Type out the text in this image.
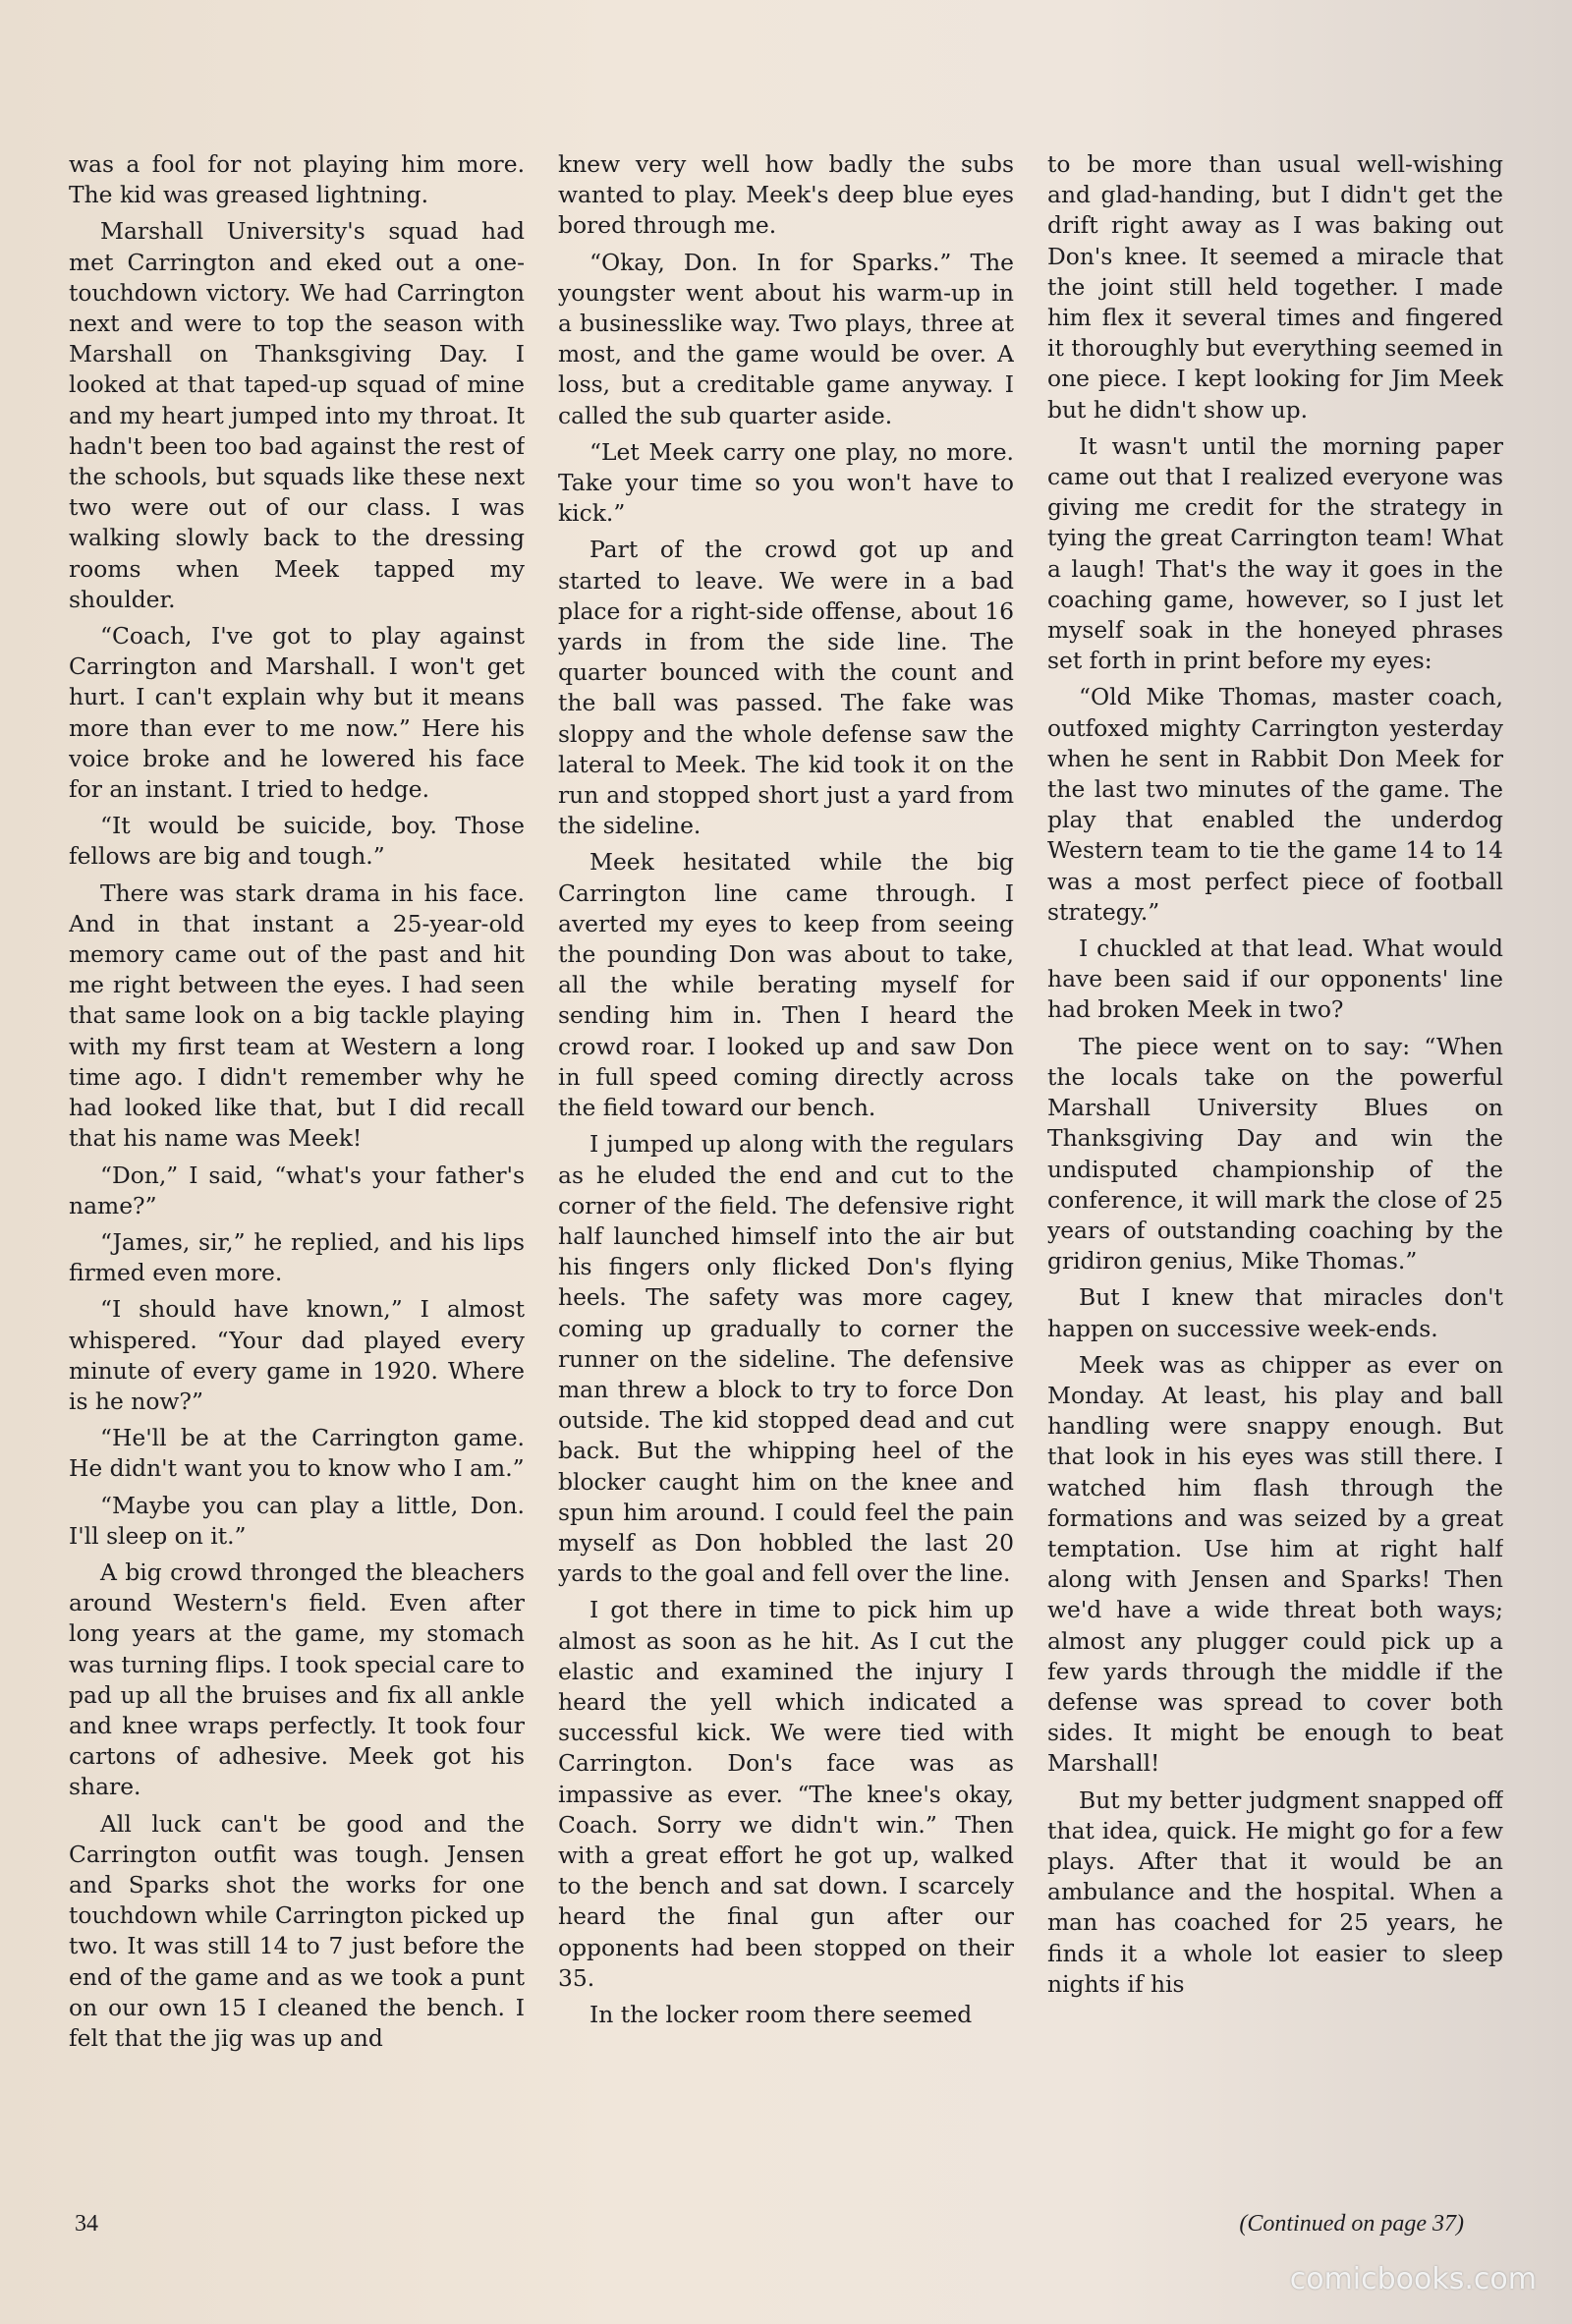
was a fool for not playing him more. The kid was greased lightning.

Marshall University's squad had met Carrington and eked out a one-touchdown victory. We had Carrington next and were to top the season with Marshall on Thanksgiving Day. I looked at that taped-up squad of mine and my heart jumped into my throat. It hadn't been too bad against the rest of the schools, but squads like these next two were out of our class. I was walking slowly back to the dressing rooms when Meek tapped my shoulder.

“Coach, I've got to play against Carrington and Marshall. I won't get hurt. I can't explain why but it means more than ever to me now.” Here his voice broke and he lowered his face for an instant. I tried to hedge.

“It would be suicide, boy. Those fellows are big and tough.”

There was stark drama in his face. And in that instant a 25-year-old memory came out of the past and hit me right between the eyes. I had seen that same look on a big tackle playing with my first team at Western a long time ago. I didn't remember why he had looked like that, but I did recall that his name was Meek!

“Don,” I said, “what's your father's name?”

“James, sir,” he replied, and his lips firmed even more.

“I should have known,” I almost whispered. “Your dad played every minute of every game in 1920. Where is he now?”

“He'll be at the Carrington game. He didn't want you to know who I am.”

“Maybe you can play a little, Don. I'll sleep on it.”

A big crowd thronged the bleachers around Western's field. Even after long years at the game, my stomach was turning flips. I took special care to pad up all the bruises and fix all ankle and knee wraps perfectly. It took four cartons of adhesive. Meek got his share.

All luck can't be good and the Carrington outfit was tough. Jensen and Sparks shot the works for one touchdown while Carrington picked up two. It was still 14 to 7 just before the end of the game and as we took a punt on our own 15 I cleaned the bench. I felt that the jig was up and

knew very well how badly the subs wanted to play. Meek's deep blue eyes bored through me.

“Okay, Don. In for Sparks.” The youngster went about his warm-up in a businesslike way. Two plays, three at most, and the game would be over. A loss, but a creditable game anyway. I called the sub quarter aside.

“Let Meek carry one play, no more. Take your time so you won't have to kick.”

Part of the crowd got up and started to leave. We were in a bad place for a right-side offense, about 16 yards in from the side line. The quarter bounced with the count and the ball was passed. The fake was sloppy and the whole defense saw the lateral to Meek. The kid took it on the run and stopped short just a yard from the sideline.

Meek hesitated while the big Carrington line came through. I averted my eyes to keep from seeing the pounding Don was about to take, all the while berating myself for sending him in. Then I heard the crowd roar. I looked up and saw Don in full speed coming directly across the field toward our bench.

I jumped up along with the regulars as he eluded the end and cut to the corner of the field. The defensive right half launched himself into the air but his fingers only flicked Don's flying heels. The safety was more cagey, coming up gradually to corner the runner on the sideline. The defensive man threw a block to try to force Don outside. The kid stopped dead and cut back. But the whipping heel of the blocker caught him on the knee and spun him around. I could feel the pain myself as Don hobbled the last 20 yards to the goal and fell over the line.

I got there in time to pick him up almost as soon as he hit. As I cut the elastic and examined the injury I heard the yell which indicated a successful kick. We were tied with Carrington. Don's face was as impassive as ever. “The knee's okay, Coach. Sorry we didn't win.” Then with a great effort he got up, walked to the bench and sat down. I scarcely heard the final gun after our opponents had been stopped on their 35.

In the locker room there seemed

to be more than usual well-wishing and glad-handing, but I didn't get the drift right away as I was baking out Don's knee. It seemed a miracle that the joint still held together. I made him flex it several times and fingered it thoroughly but everything seemed in one piece. I kept looking for Jim Meek but he didn't show up.

It wasn't until the morning paper came out that I realized everyone was giving me credit for the strategy in tying the great Carrington team! What a laugh! That's the way it goes in the coaching game, however, so I just let myself soak in the honeyed phrases set forth in print before my eyes:

“Old Mike Thomas, master coach, outfoxed mighty Carrington yesterday when he sent in Rabbit Don Meek for the last two minutes of the game. The play that enabled the underdog Western team to tie the game 14 to 14 was a most perfect piece of football strategy.”

I chuckled at that lead. What would have been said if our opponents' line had broken Meek in two?

The piece went on to say: “When the locals take on the powerful Marshall University Blues on Thanksgiving Day and win the undisputed championship of the conference, it will mark the close of 25 years of outstanding coaching by the gridiron genius, Mike Thomas.”

But I knew that miracles don't happen on successive week-ends.

Meek was as chipper as ever on Monday. At least, his play and ball handling were snappy enough. But that look in his eyes was still there. I watched him flash through the formations and was seized by a great temptation. Use him at right half along with Jensen and Sparks! Then we'd have a wide threat both ways; almost any plugger could pick up a few yards through the middle if the defense was spread to cover both sides. It might be enough to beat Marshall!

But my better judgment snapped off that idea, quick. He might go for a few plays. After that it would be an ambulance and the hospital. When a man has coached for 25 years, he finds it a whole lot easier to sleep nights if his

34	(Continued on page 37)
comicbooks.com
